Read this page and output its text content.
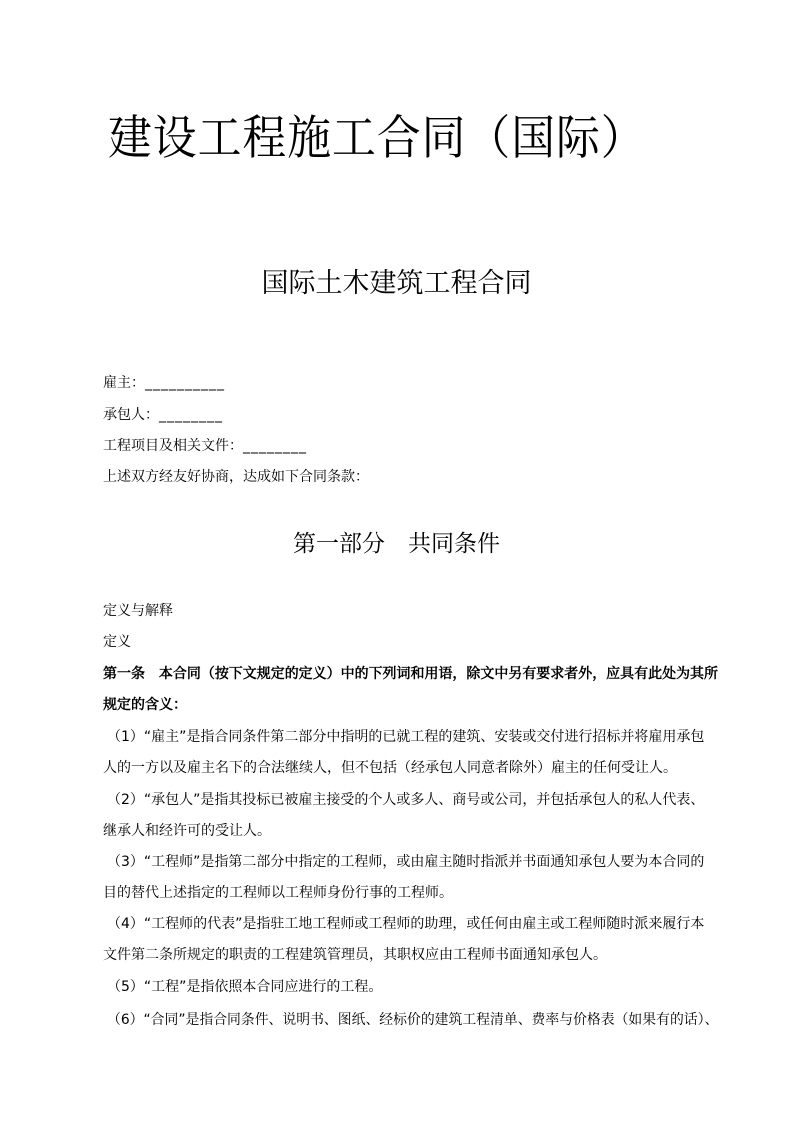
建设工程施工合同（国际）
国际土木建筑工程合同
雇主：__________
承包人：________
工程项目及相关文件：________
上述双方经友好协商，达成如下合同条款：
第一部分　共同条件
定义与解释
定义
第一条　本合同（按下文规定的定义）中的下列词和用语，除文中另有要求者外，应具有此处为其所
规定的含义：
（1）“雇主”是指合同条件第二部分中指明的已就工程的建筑、安装或交付进行招标并将雇用承包
人的一方以及雇主名下的合法继续人，但不包括（经承包人同意者除外）雇主的任何受让人。
（2）“承包人”是指其投标已被雇主接受的个人或多人、商号或公司，并包括承包人的私人代表、
继承人和经许可的受让人。
（3）“工程师”是指第二部分中指定的工程师，或由雇主随时指派并书面通知承包人要为本合同的
目的替代上述指定的工程师以工程师身份行事的工程师。
（4）“工程师的代表”是指驻工地工程师或工程师的助理，或任何由雇主或工程师随时派来履行本
文件第二条所规定的职责的工程建筑管理员，其职权应由工程师书面通知承包人。
（5）“工程”是指依照本合同应进行的工程。
（6）“合同”是指合同条件、说明书、图纸、经标价的建筑工程清单、费率与价格表（如果有的话）、
